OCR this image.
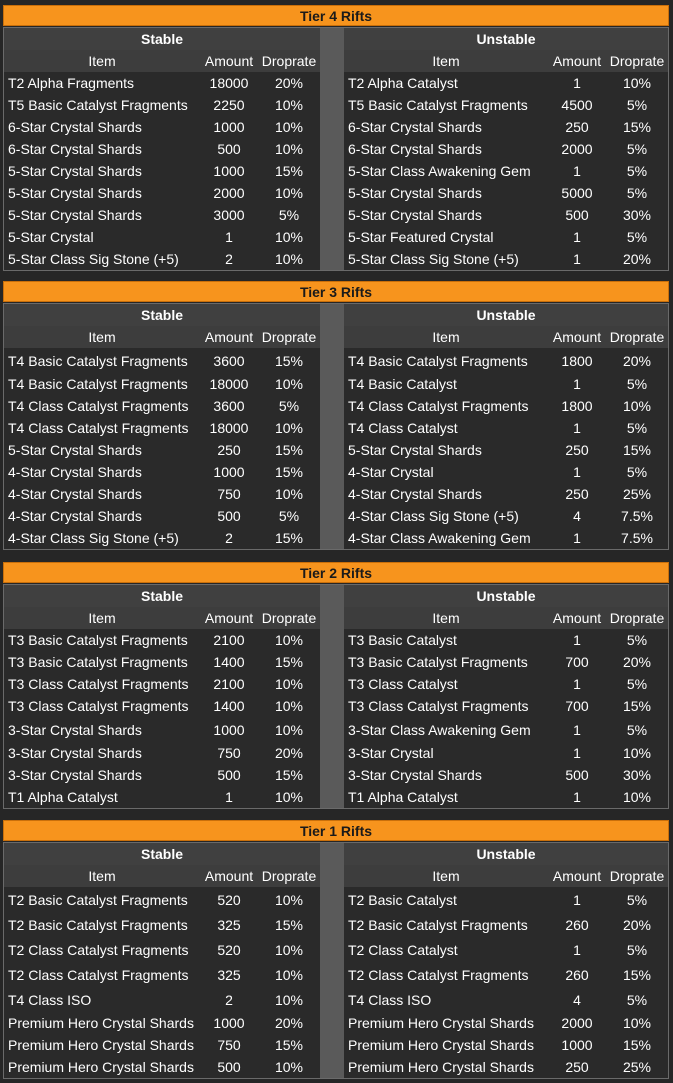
Tier 4 Rifts
Stable
Item	Amount Droprate
T2 Alpha Fragments	18000	20%
T5 Basic Catalyst Fragments	2250	10%
6-Star Crystal Shards	1000	10%
6-Star Crystal Shards	500	10%
5-Star Crystal Shards	1000	15%
5-Star Crystal Shards	2000	10%
5-Star Crystal Shards	3000	5%
5-Star Crystal	1	10%
5-Star Class Sig Stone (+5)	2	10%
Unstable
Item	Amount Droprate
T2 Alpha Catalyst	1	10%
T5 Basic Catalyst Fragments	4500	5%
6-Star Crystal Shards	250	15%
6-Star Crystal Shards	2000	5%
5-Star Class Awakening Gem	1	5%
5-Star Crystal Shards	5000	5%
5-Star Crystal Shards	500	30%
5-Star Featured Crystal	1	5%
5-Star Class Sig Stone (+5)	1	20%
Tier 3 Rifts
Stable
Item	Amount Droprate
T4 Basic Catalyst Fragments	3600	15%
T4 Basic Catalyst Fragments	18000	10%
T4 Class Catalyst Fragments	3600	5%
T4 Class Catalyst Fragments	18000	10%
5-Star Crystal Shards	250	15%
4-Star Crystal Shards	1000	15%
4-Star Crystal Shards	750	10%
4-Star Crystal Shards	500	5%
4-Star Class Sig Stone (+5)	2	15%
Unstable
Item	Amount Droprate
T4 Basic Catalyst Fragments	1800	20%
T4 Basic Catalyst	1	5%
T4 Class Catalyst Fragments	1800	10%
T4 Class Catalyst	1	5%
5-Star Crystal Shards	250	15%
4-Star Crystal	1	5%
4-Star Crystal Shards	250	25%
4-Star Class Sig Stone (+5)	4	7.5%
4-Star Class Awakening Gem	1	7.5%
Tier 2 Rifts
Stable
Item	Amount Droprate
T3 Basic Catalyst Fragments	2100	10%
T3 Basic Catalyst Fragments	1400	15%
T3 Class Catalyst Fragments	2100	10%
T3 Class Catalyst Fragments	1400	10%
3-Star Crystal Shards	1000	10%
3-Star Crystal Shards	750	20%
3-Star Crystal Shards	500	15%
T1 Alpha Catalyst	1	10%
Unstable
Item	Amount Droprate
T3 Basic Catalyst	1	5%
T3 Basic Catalyst Fragments	700	20%
T3 Class Catalyst	1	5%
T3 Class Catalyst Fragments	700	15%
3-Star Class Awakening Gem	1	5%
3-Star Crystal	1	10%
3-Star Crystal Shards	500	30%
T1 Alpha Catalyst	1	10%
Tier 1 Rifts
Stable
Item	Amount Droprate
T2 Basic Catalyst Fragments	520	10%
T2 Basic Catalyst Fragments	325	15%
T2 Class Catalyst Fragments	520	10%
T2 Class Catalyst Fragments	325	10%
T4 Class ISO	2	10%
Premium Hero Crystal Shards	1000	20%
Premium Hero Crystal Shards	750	15%
Premium Hero Crystal Shards	500	10%
Unstable
Item	Amount Droprate
T2 Basic Catalyst	1	5%
T2 Basic Catalyst Fragments	260	20%
T2 Class Catalyst	1	5%
T2 Class Catalyst Fragments	260	15%
T4 Class ISO	4	5%
Premium Hero Crystal Shards	2000	10%
Premium Hero Crystal Shards	1000	15%
Premium Hero Crystal Shards	250	25%
